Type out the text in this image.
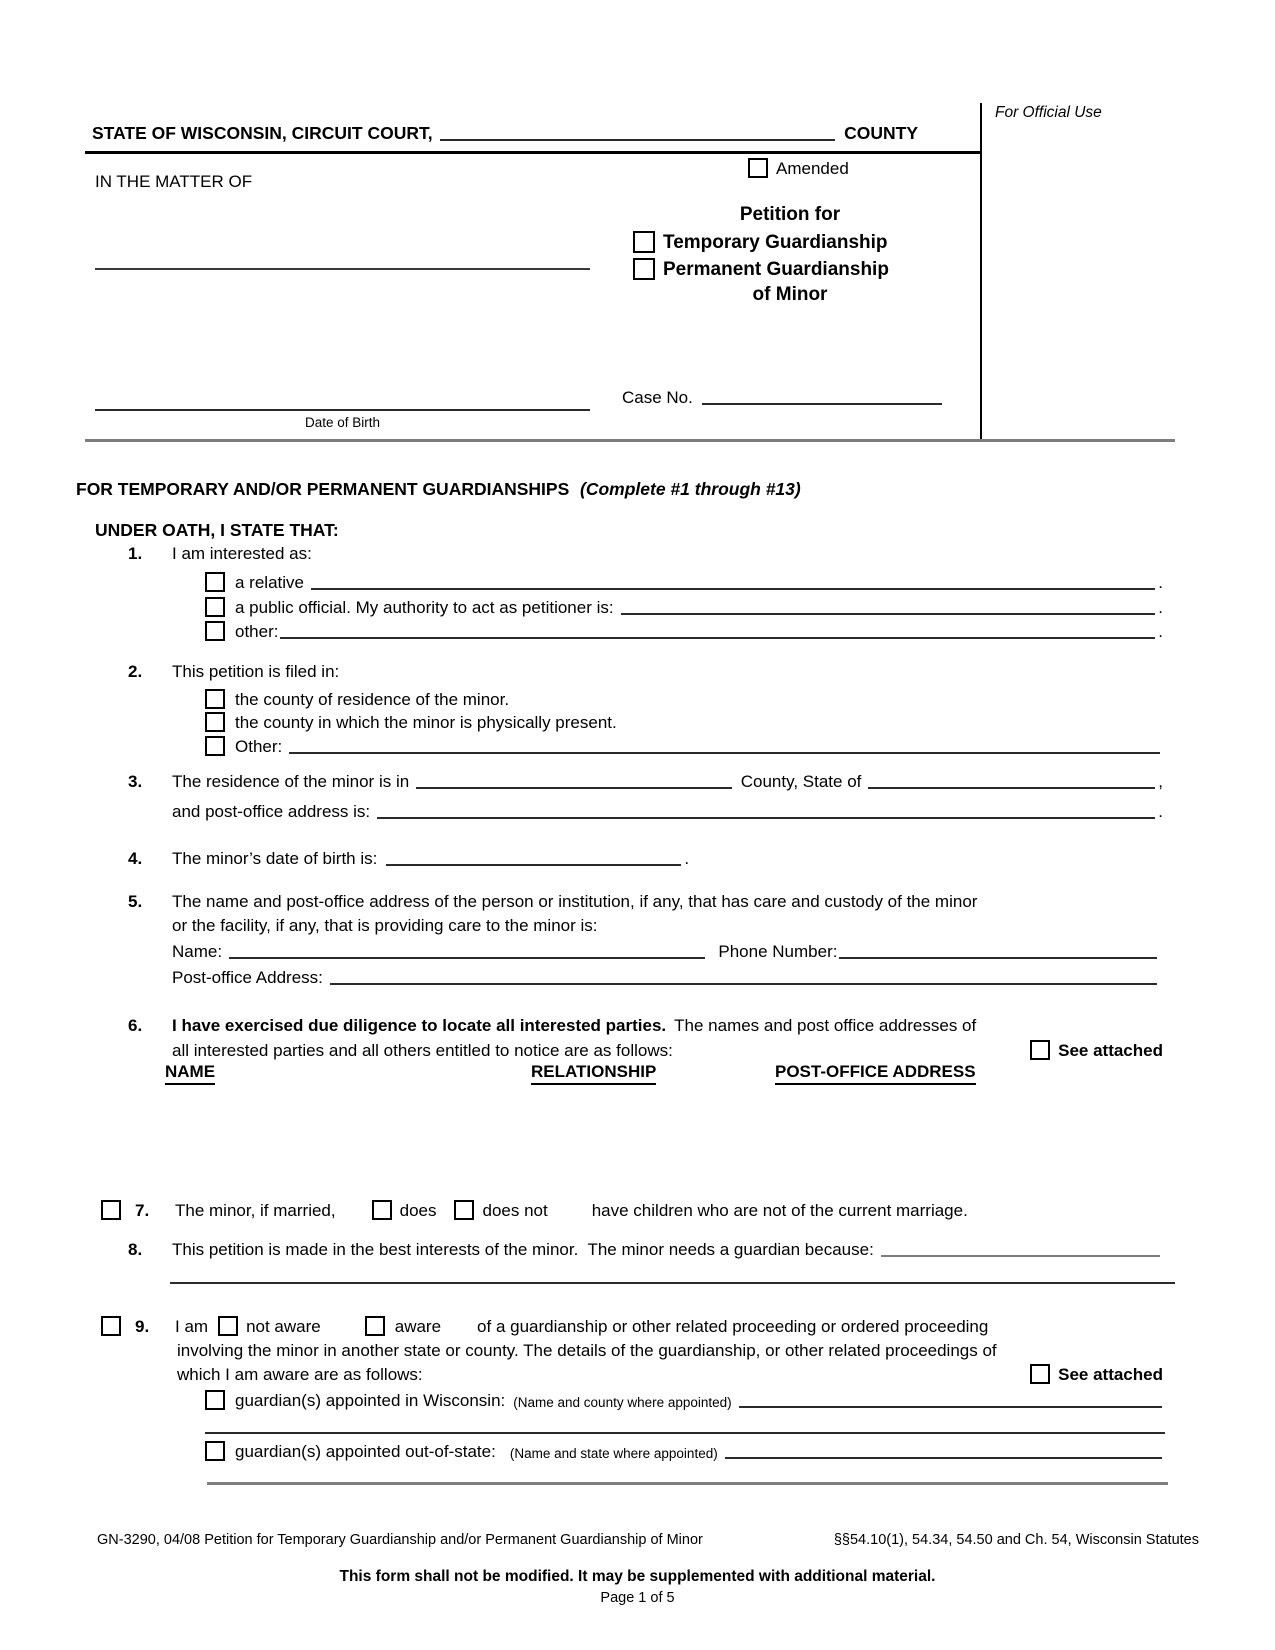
STATE OF WISCONSIN, CIRCUIT COURT,	COUNTY
For Official Use
IN THE MATTER OF
Amended
Petition for
Temporary Guardianship
Permanent Guardianship
of Minor
Case No.
Date of Birth
FOR TEMPORARY AND/OR PERMANENT GUARDIANSHIPS (Complete #1 through #13)
UNDER OATH, I STATE THAT:
1.	I am interested as:
a relative	.
a public official. My authority to act as petitioner is:	.
other:	.
2.	This petition is filed in:
the county of residence of the minor.
the county in which the minor is physically present.
Other:
3.	The residence of the minor is in	County, State of	,
and post-office address is:	.
4.	The minor’s date of birth is:	.
5.	The name and post-office address of the person or institution, if any, that has care and custody of the minor
or the facility, if any, that is providing care to the minor is:
Name:	Phone Number:
Post-office Address:
6.	I have exercised due diligence to locate all interested parties. The names and post office addresses of
all interested parties and all others entitled to notice are as follows:	See attached
NAME	RELATIONSHIP	POST-OFFICE ADDRESS
7.	The minor, if married,	does	does not	have children who are not of the current marriage.
8.	This petition is made in the best interests of the minor.  The minor needs a guardian because:
9.	I am not aware	aware of a guardianship or other related proceeding or ordered proceeding
involving the minor in another state or county. The details of the guardianship, or other related proceedings of
which I am aware are as follows:	See attached
guardian(s) appointed in Wisconsin: (Name and county where appointed)
guardian(s) appointed out-of-state: (Name and state where appointed)
GN-3290, 04/08 Petition for Temporary Guardianship and/or Permanent Guardianship of Minor	§§54.10(1), 54.34, 54.50 and Ch. 54, Wisconsin Statutes
This form shall not be modified. It may be supplemented with additional material.
Page 1 of 5
